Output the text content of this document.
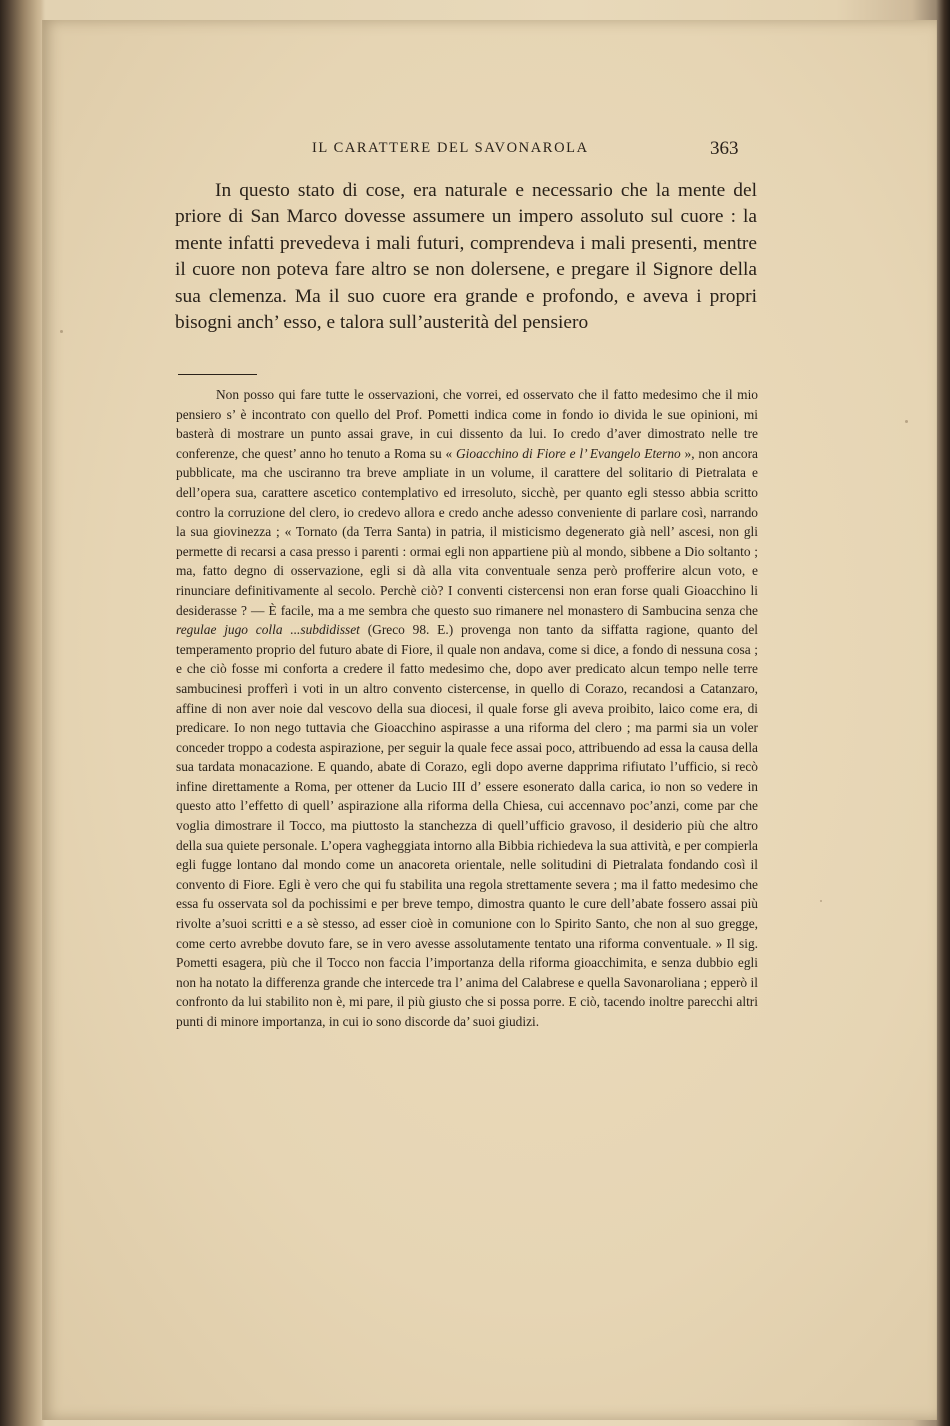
IL CARATTERE DEL SAVONAROLA	363

In questo stato di cose, era naturale e necessario che la mente del priore di San Marco dovesse assumere un impero assoluto sul cuore : la mente infatti prevedeva i mali futuri, comprendeva i mali presenti, mentre il cuore non poteva fare altro se non dolersene, e pregare il Signore della sua clemenza. Ma il suo cuore era grande e profondo, e aveva i propri bisogni anch’ esso, e talora sull’austerità del pensiero

Non posso qui fare tutte le osservazioni, che vorrei, ed osservato che il fatto medesimo che il mio pensiero s’ è incontrato con quello del Prof. Pometti indica come in fondo io divida le sue opinioni, mi basterà di mostrare un punto assai grave, in cui dissento da lui. Io credo d’aver dimostrato nelle tre conferenze, che quest’ anno ho tenuto a Roma su « Gioacchino di Fiore e l’ Evangelo Eterno », non ancora pubblicate, ma che usciranno tra breve ampliate in un volume, il carattere del solitario di Pietralata e dell’opera sua, carattere ascetico contemplativo ed irresoluto, sicchè, per quanto egli stesso abbia scritto contro la corruzione del clero, io credevo allora e credo anche adesso conveniente di parlare così, narrando la sua giovinezza ; « Tornato (da Terra Santa) in patria, il misticismo degenerato già nell’ ascesi, non gli permette di recarsi a casa presso i parenti : ormai egli non appartiene più al mondo, sibbene a Dio soltanto ; ma, fatto degno di osservazione, egli si dà alla vita conventuale senza però profferire alcun voto, e rinunciare definitivamente al secolo. Perchè ciò? I conventi cistercensi non eran forse quali Gioacchino li desiderasse ? — È facile, ma a me sembra che questo suo rimanere nel monastero di Sambucina senza che regulae jugo colla ...subdidisset (Greco 98. E.) provenga non tanto da siffatta ragione, quanto del temperamento proprio del futuro abate di Fiore, il quale non andava, come si dice, a fondo di nessuna cosa ; e che ciò fosse mi conforta a credere il fatto medesimo che, dopo aver predicato alcun tempo nelle terre sambucinesi profferì i voti in un altro convento cistercense, in quello di Corazo, recandosi a Catanzaro, affine di non aver noie dal vescovo della sua diocesi, il quale forse gli aveva proibito, laico come era, di predicare. Io non nego tuttavia che Gioacchino aspirasse a una riforma del clero ; ma parmi sia un voler conceder troppo a codesta aspirazione, per seguir la quale fece assai poco, attribuendo ad essa la causa della sua tardata monacazione. E quando, abate di Corazo, egli dopo averne dapprima rifiutato l’ufficio, si recò infine direttamente a Roma, per ottener da Lucio III d’ essere esonerato dalla carica, io non so vedere in questo atto l’effetto di quell’ aspirazione alla riforma della Chiesa, cui accennavo poc’anzi, come par che voglia dimostrare il Tocco, ma piuttosto la stanchezza di quell’ufficio gravoso, il desiderio più che altro della sua quiete personale. L’opera vagheggiata intorno alla Bibbia richiedeva la sua attività, e per compierla egli fugge lontano dal mondo come un anacoreta orientale, nelle solitudini di Pietralata fondando così il convento di Fiore. Egli è vero che qui fu stabilita una regola strettamente severa ; ma il fatto medesimo che essa fu osservata sol da pochissimi e per breve tempo, dimostra quanto le cure dell’abate fossero assai più rivolte a’suoi scritti e a sè stesso, ad esser cioè in comunione con lo Spirito Santo, che non al suo gregge, come certo avrebbe dovuto fare, se in vero avesse assolutamente tentato una riforma conventuale. » Il sig. Pometti esagera, più che il Tocco non faccia l’importanza della riforma gioacchimita, e senza dubbio egli non ha notato la differenza grande che intercede tra l’ anima del Calabrese e quella Savonaroliana ; epperò il confronto da lui stabilito non è, mi pare, il più giusto che si possa porre. E ciò, tacendo inoltre parecchi altri punti di minore importanza, in cui io sono discorde da’ suoi giudizi.
